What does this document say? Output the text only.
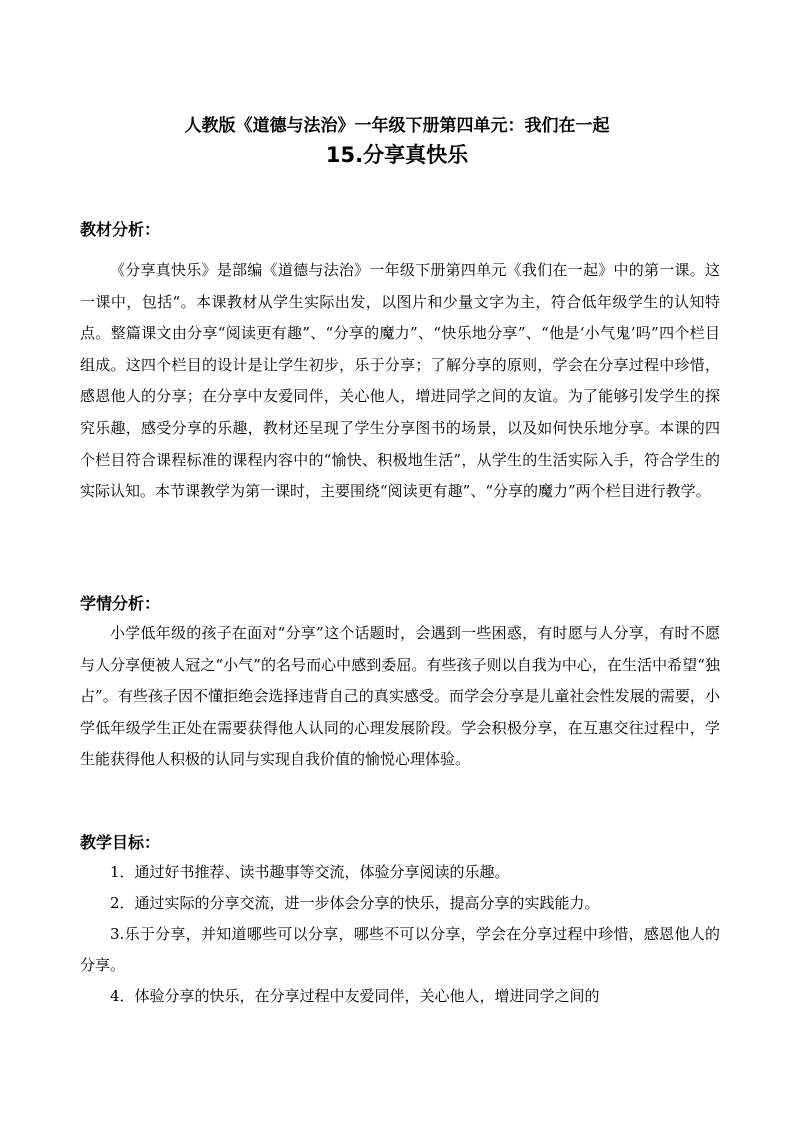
人教版《道德与法治》一年级下册第四单元：我们在一起
15.分享真快乐
教材分析：

《分享真快乐》是部编《道德与法治》一年级下册第四单元《我们在一起》中的第一课。这一课中，包括“。本课教材从学生实际出发，以图片和少量文字为主，符合低年级学生的认知特点。整篇课文由分享“阅读更有趣”、“分享的魔力”、“快乐地分享”、“他是‘小气鬼’吗”四个栏目组成。这四个栏目的设计是让学生初步，乐于分享；了解分享的原则，学会在分享过程中珍惜，感恩他人的分享；在分享中友爱同伴，关心他人，增进同学之间的友谊。为了能够引发学生的探究乐趣，感受分享的乐趣，教材还呈现了学生分享图书的场景，以及如何快乐地分享。本课的四个栏目符合课程标准的课程内容中的“愉快、积极地生活”，从学生的生活实际入手，符合学生的实际认知。本节课教学为第一课时，主要围绕“阅读更有趣”、“分享的魔力”两个栏目进行教学。

学情分析：

小学低年级的孩子在面对“分享”这个话题时，会遇到一些困惑，有时愿与人分享，有时不愿与人分享便被人冠之“小气”的名号而心中感到委屈。有些孩子则以自我为中心，在生活中希望“独占”。有些孩子因不懂拒绝会选择违背自己的真实感受。而学会分享是儿童社会性发展的需要，小学低年级学生正处在需要获得他人认同的心理发展阶段。学会积极分享，在互惠交往过程中，学生能获得他人积极的认同与实现自我价值的愉悦心理体验。

教学目标：
1．通过好书推荐、读书趣事等交流，体验分享阅读的乐趣。
2．通过实际的分享交流，进一步体会分享的快乐，提高分享的实践能力。
3.乐于分享，并知道哪些可以分享，哪些不可以分享，学会在分享过程中珍惜，感恩他人的分享。
4．体验分享的快乐，在分享过程中友爱同伴，关心他人，增进同学之间的
